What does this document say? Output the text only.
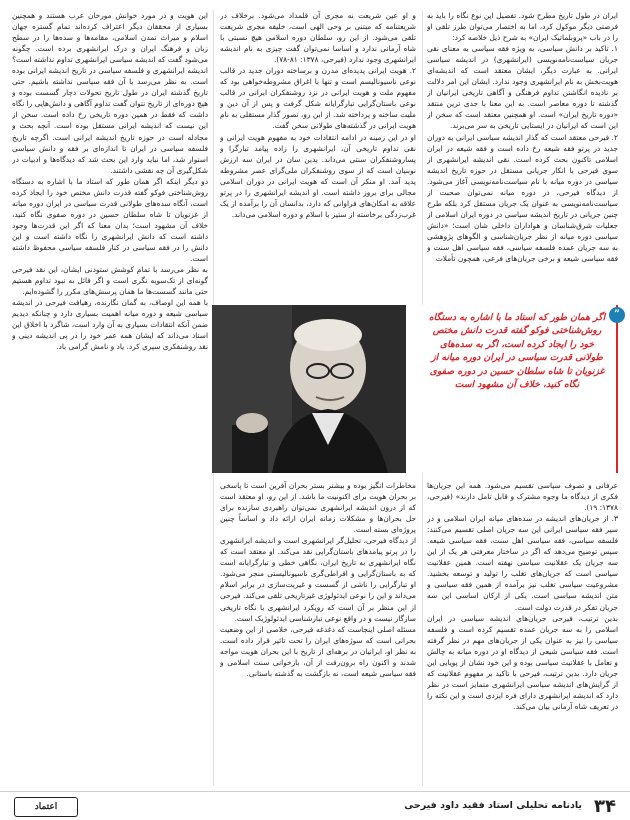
ایران در طول تاریخ مطرح شود. تفصیل این نوع نگاه را باید به فرصتی دیگر موکول کرد، اما به اختصار می‌توان طرز تلقی او را در باب «پروبلماتیک ایران» به شرح ذیل خلاصه کرد:

۱. تاکید بر دانش سیاسی، به ویژه فقه سیاسی به معنای نقی جریان سیاست‌نامه‌نویسی (ایرانشهری) در اندیشه سیاسی ایرانی. به عبارت دیگر، ایشان معتقد است که اندیشه‌ای هویت‌بخش به نام ایرانشهری وجود ندارد. ایشان این امر دلالت بر نادیده انگاشتن تداوم فرهنگی و آگاهی تاریخی ایرانیان از گذشته تا دوره معاصر است. به این معنا با جدی ترین منتقد «دوره تاریخ ایران» است. او همچنین معتقد است که سخن از این است که ایرانیان در ایستایی تاریخی به سر می‌برند.

۲. فیرحی معتقد است که گذار اندیشه سیاسی ایرانی به دوران جدید در پرتو فقه شیعه رخ داده است و فقه شیعه در ایران اسلامی تاکنون بحث کرده است. نقی اندیشه ایرانشهری از سوی فیرحی با انکار جریانی مستقل در حوزه تاریخ اندیشه سیاسی در دوره میانه با نام سیاست‌نامه‌نویسی آغاز می‌شود. از دیدگاه فیرحی، در دوره میانه نمی‌توان صحبت از سیاست‌نامه‌نویسی به عنوان یک جریان مستقل کرد بلکه طرح چنین جریانی در تاریخ اندیشه سیاسی در دوره ایران اسلامی از جعلیات شرق‌شناسان و هواداران داخلی شان است؛ «دانش سیاسی دوره میانه از نظر جریان‌شناسی و الگوهای پژوهشی به سه جریان عمده فلسفه سیاسی، فقه سیاسی اهل سنت و فقه سیاسی شیعه و برخی جریان‌های فرعی، همچون تأملات

و او عین شریعت نه مجری آن قلمداد می‌شود. برخلاف در شریعتنامه که مبتنی بر وحی الهی است، خلیفه مجری شریعت تلقی می‌شود. از این رو، سلطان دوره اسلامی هیچ نسبتی با شاه آرمانی ندارد و اساسا نمی‌توان گفت چیزی به نام اندیشه ایرانشهری وجود ندارد (فیرحی، ۱۳۷۸: ۸۱-۷۸).

۲. هویت ایرانی پدیده‌ای مدرن و برساخته دوران جدید در قالب نوعی ناسیونالیسم است و تنها با اغراق مشروطه‌خواهی بود که مفهوم ملت و هویت ایرانی در نزد روشنفکران ایرانی در قالب نوعی باستان‌گرایی تبارگرایانه شکل گرفت و پس از آن دین و ملیت ساخته و پرداخته شد. از این رو، تصور گذار مستقلی به نام هویت ایرانی در گذشته‌های طولانی سخن گفت.

او در این زمینه در ادامه انتقادات خود به مفهوم هویت ایرانی و نقی تداوم تاریخی آن، ایرانشهری را زاده پیامد تبارگرا و پساروشنفکران سنتی می‌داند. بدین سان در ایران سه ارزش نوبنیان است که از سوی روشنفکران ملی‌گرای عصر مشروطه پدید آمد. او منکر آن است که هویت ایرانی در دوران اسلامی مجالی برای بروز داشته است. او اندیشه ایرانشهری را در پرتو علاقه به امکان‌های فراوانی که دارد، بدانسان آن را برآمده از یک غرب‌زدگی برخاسته از ستیز با اسلام و دوره اسلامی می‌داند.

این هویت و در مورد خوانش مورخان عرب هستند و همچنین بسیاری از محققان دیگر اعتراف کرده‌اند تمام گستره جهان اسلام و میراث تمدن اسلامی، مقامه‌ها و سده‌ها را در سطح زبان و فرهنگ ایران و درک ایرانشهری برده است. چگونه می‌شود گفت که اندیشه سیاسی ایرانشهری تداوم نداشته است؟

اندیشه ایرانشهری و فلسفه سیاسی در تاریخ اندیشه ایرانی بوده است. به نظر می‌رسد با آن فقه سیاسی نداشته باشیم. حتی تاریخ گذشته ایران در طول تاریخ تحولات دچار گسست بوده و هیچ دوره‌ای از تاریخ نتوان گفت تداوم آگاهی و دانش‌هایی را نگاه داشت که فقط در همین دوره تاریخی رخ داده است. سخن از این نیست که اندیشه ایرانی مستقل بوده است. آنچه بحث و مجادله است در حوزه تاریخ اندیشه ایرانی است. اگرچه تاریخ فلسفه سیاسی در ایران تا اندازه‌ای بر فقه و دانش سیاسی استوار شد، اما نباید وارد این بحث شد که دیدگاه‌ها و ادبیات در شکل‌گیری آن چه نقشی داشتند.

دو دیگر اینکه اگر همان طور که استاد ما با اشاره به دستگاه روش‌شناختی فوکو گفته قدرت دانش مختص خود را ایجاد کرده است، آنگاه سده‌های طولانی قدرت سیاسی در ایران دوره میانه از غزنویان تا شاه سلطان حسین در دوره صفوی نگاه کنید، خلاف آن مشهود است؛ بدان معنا که اگر این قدرت‌ها وجود داشته است که دانش ایرانشهری را نگاه داشته است و این دانش را در فقه سیاسی در کنار فلسفه سیاسی محفوظ داشته است.

به نظر می‌رسد با تمام کوشش ستودنی ایشان، این نقد فیرحی گونه‌ای از تک‌سویه نگری است و اگر قائل به نبود تداوم هستیم حتی مانند گسست‌ها ما همان پرسش‌های مکرر را گشوده‌ایم.

با همه این اوصاف، به گمان نگارنده، رهیافت فیرحی در اندیشه سیاسی شیعه و دوره میانه اهمیت بسیاری دارد و چنانکه دیدیم ضمن آنکه انتقادات بسیاری به آن وارد است، شاگرد با اخلاق این استاد می‌داند که ایشان همه عمر خود را در پی اندیشه دینی و نقد روشنفکری سپری کرد. یاد و نامش گرامی باد.

”
اگر همان طور که استاد ما با اشاره به دستگاه روش‌شناختی فوکو گفته قدرت دانش مختص خود را ایجاد کرده است، اگر به سده‌های طولانی قدرت سیاسی در ایران دوره میانه از غزنویان تا شاه سلطان حسین در دوره صفوی نگاه کنید، خلاف آن مشهود است

عرفانی و تصوف سیاسی تقسیم می‌شود. همه این جریان‌ها فکری از دیدگاه ما وجوه مشترک و قابل تامل دارند» (فیرحی، ۱۳۷۸: ۱۹).

۳. از جریان‌های اندیشه در سده‌های میانه ایران اسلامی و در سیر فقه سیاسی ایرانی این سه جریان اصلی تقسیم می‌کنند: فلسفه سیاسی، فقه سیاسی اهل سنت، فقه سیاسی شیعه. سپس توضیح می‌دهد که اگر در ساختار معرفتی هر یک از این سه جریان یک عقلانیت سیاسی نهفته است. همین عقلانیت سیاسی است که جریان‌های تغلب را تولید و توسعه بخشید. مشروعیت سیاسی تغلب نیز برآمده از همین فقه سیاسی و متن اندیشه سیاسی است. یکی از ارکان اساسی این سه جریان تفکر در قدرت دولت است.

بدین ترتیب، فیرحی جریان‌های اندیشه سیاسی در ایران اسلامی را به سه جریان عمده تقسیم کرده است و فلسفه سیاسی را نیز به عنوان یکی از جریان‌های مهم در نظر گرفته است. فقه سیاسی شیعی از دیدگاه او در دوره میانه به چالش و تعامل با عقلانیت سیاسی بوده و این خود نشان از پویایی این جریان دارد. بدین ترتیب، فیرحی با تاکید بر مفهوم عقلانیت که از گرایش‌های اندیشه سیاسی ایرانشهری متمایز است در نظر دارد که اندیشه ایرانشهری دارای فره ایزدی است و این نکته را در تعریف شاه آرمانی بیان می‌کند.

مخاطرات انگیز بوده و بیشتر بستر بحران آفرین است تا پاسخی بر بحران هویت برای اکنونیت ما باشد. از این رو، او معتقد است که از درون اندیشه ایرانشهری نمی‌توان راهبردی سازنده برای حل بحران‌ها و مشکلات زمانه ایران ارائه داد و اساساً چنین پروژه‌ای بسته است.

از دیدگاه فیرحی، تحلیل‌گر ایرانشهری است و اندیشه ایرانشهری را در پرتو پیامدهای باستان‌گرایی نقد می‌کند. او معتقد است که نگاه ایرانشهری به تاریخ ایران، نگاهی خطی و تبارگرایانه است که به باستان‌گرایی و افراطی‌گری ناسیونالیستی منجر می‌شود. او تبارگرایی را ناشی از گسست و غیریت‌سازی در برابر اسلام می‌داند و این را نوعی ایدئولوژی غیرتاریخی تلقی می‌کند. فیرحی از این منظر بر آن است که رویکرد ایرانشهری با نگاه تاریخی سازگار نیست و در واقع نوعی تبارشناسی ایدئولوژیک است.

مسئله اصلی اینجاست که دغدغه فیرحی، خلاصی از این وضعیت بحرانی است که سوژه‌های ایران را تحت تاثیر قرار داده است. به نظر او، ایرانیان در برهه‌ای از تاریخ با این بحران هویت مواجه شدند و اکنون راه برون‌رفت از آن، بازخوانی سنت اسلامی و فقه سیاسی شیعه است، نه بازگشت به گذشته باستانی.

۳۴
یادنامه تحلیلی استاد فقید داود فیرحی
اعتماد
